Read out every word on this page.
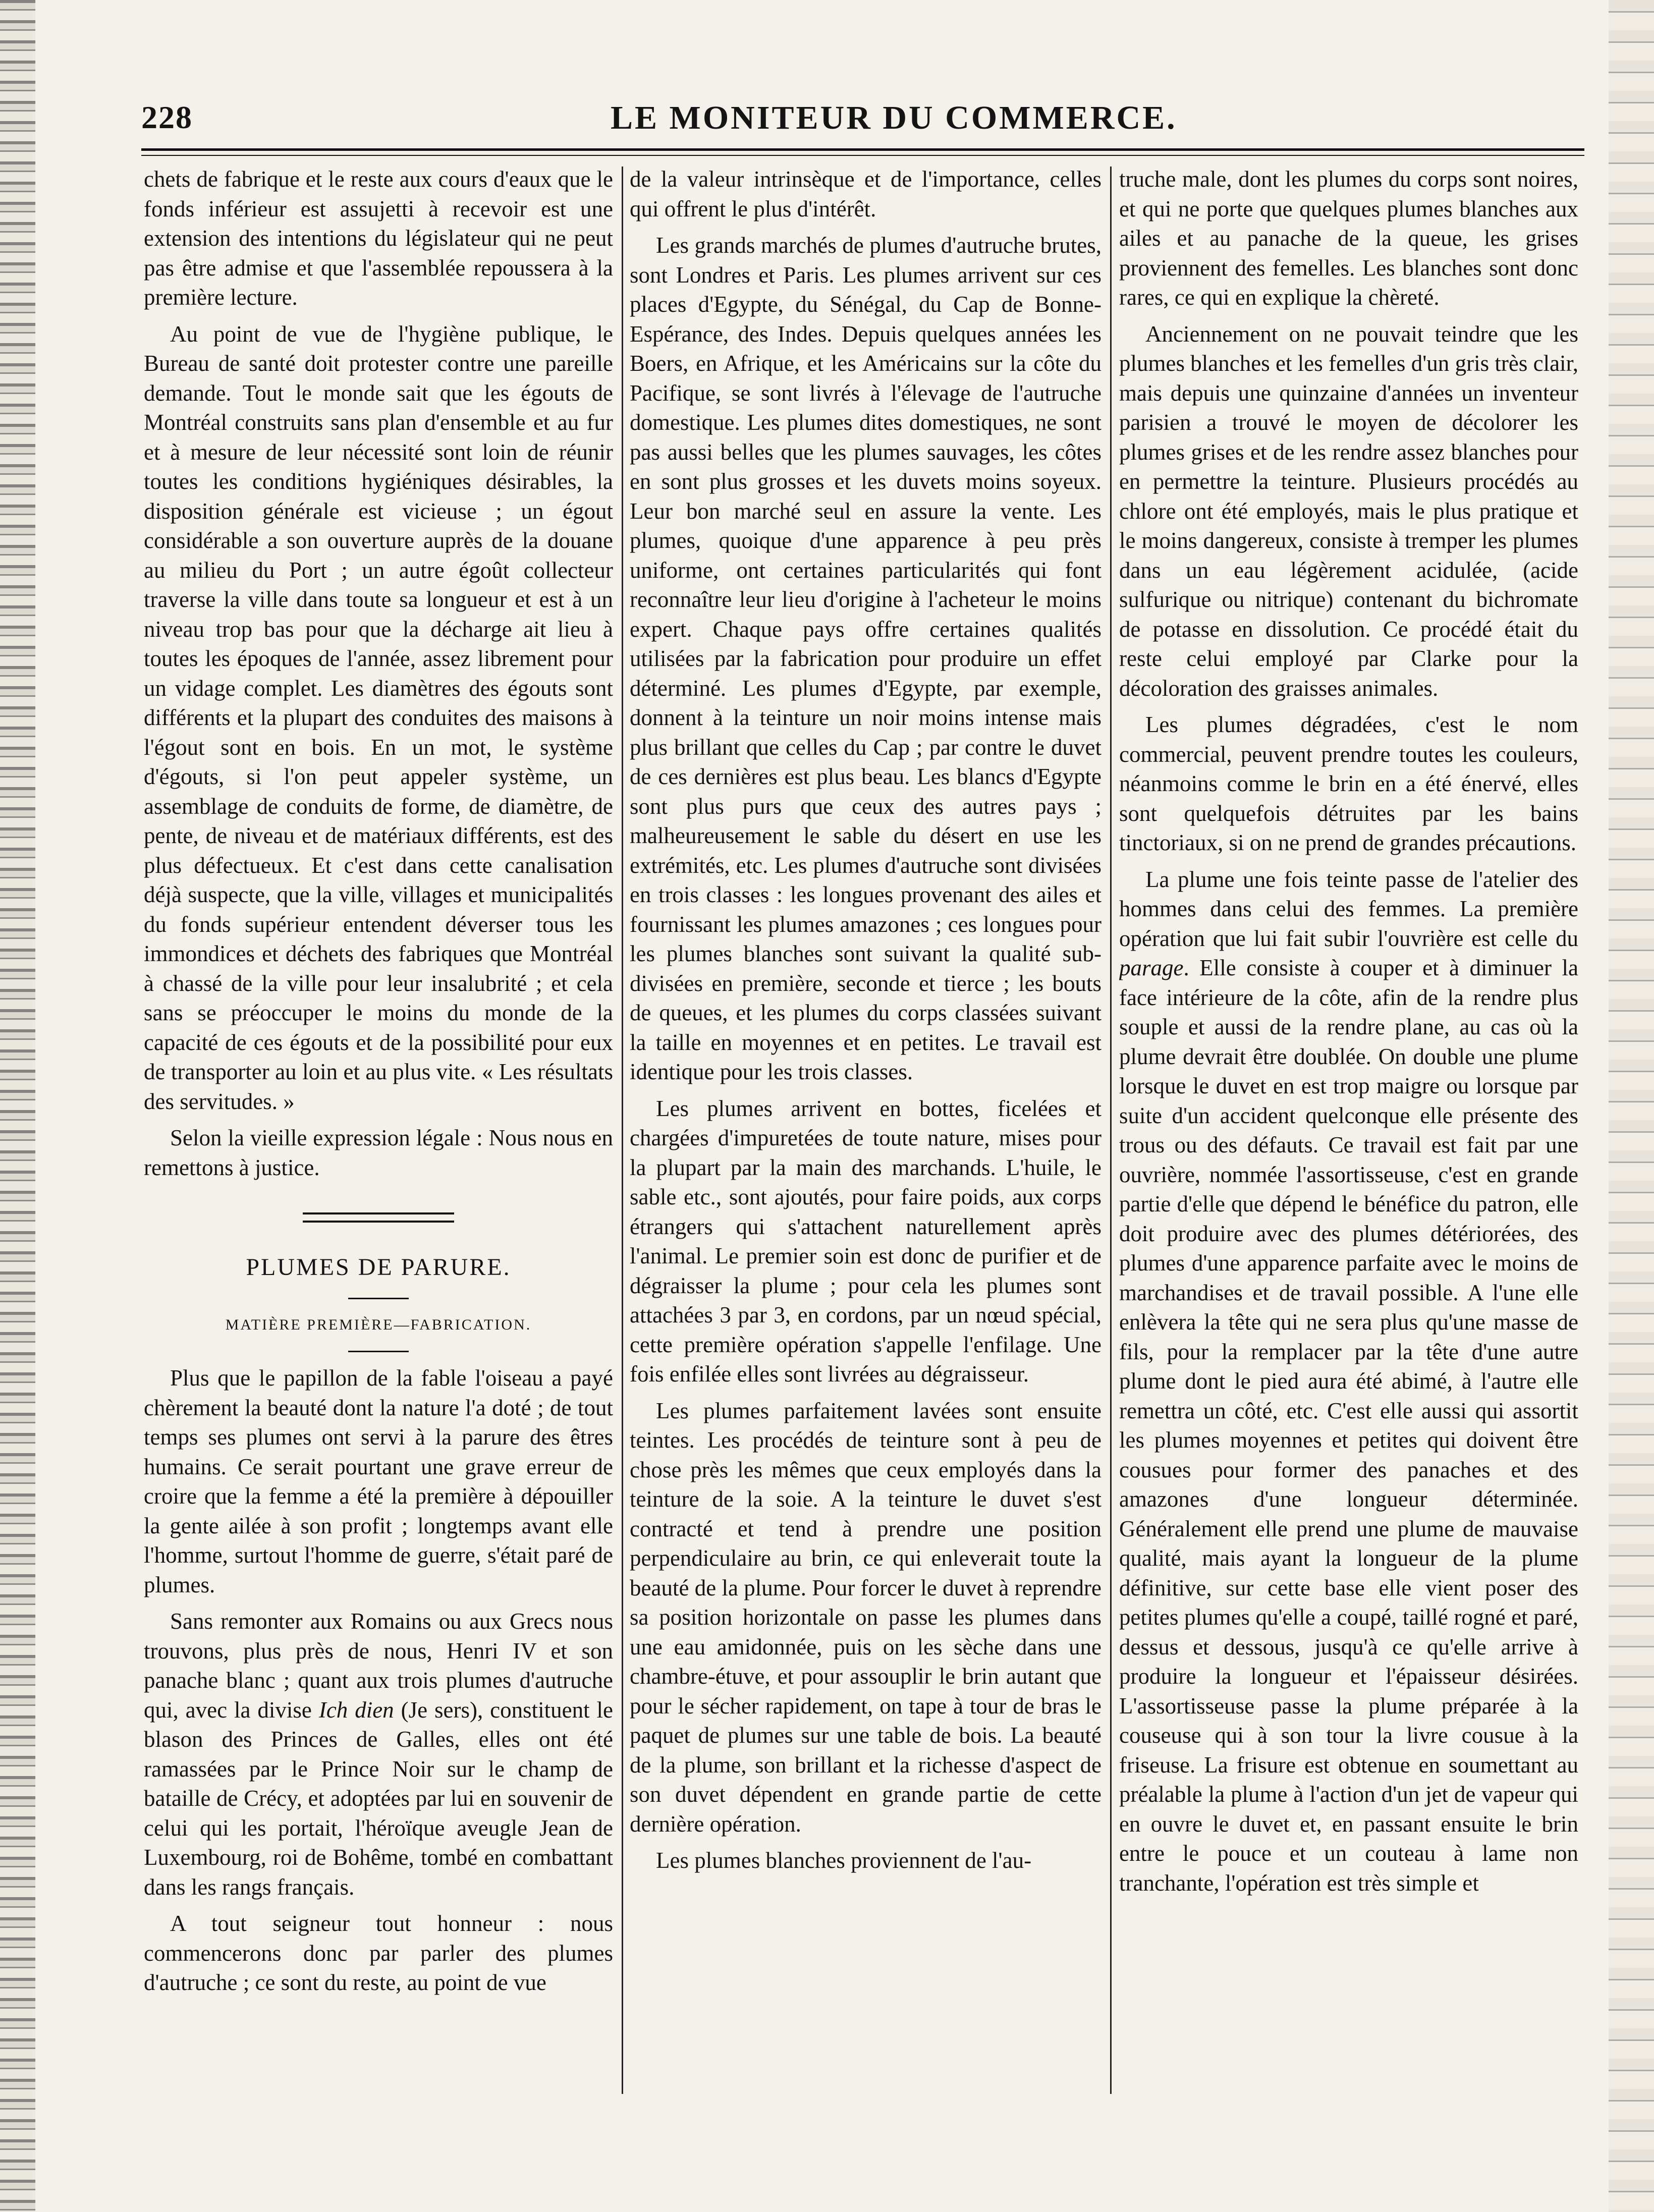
228	LE MONITEUR DU COMMERCE.

chets de fabrique et le reste aux cours d'eaux que le fonds inférieur est assujetti à recevoir est une extension des intentions du législateur qui ne peut pas être admise et que l'assemblée repoussera à la première lecture.

Au point de vue de l'hygiène publique, le Bureau de santé doit protester contre une pareille demande. Tout le monde sait que les égouts de Montréal construits sans plan d'ensemble et au fur et à mesure de leur nécessité sont loin de réunir toutes les conditions hygiéniques désirables, la disposition générale est vicieuse ; un égout considérable a son ouverture auprès de la douane au milieu du Port ; un autre égoût collecteur traverse la ville dans toute sa longueur et est à un niveau trop bas pour que la décharge ait lieu à toutes les époques de l'année, assez librement pour un vidage complet. Les diamètres des égouts sont différents et la plupart des conduites des maisons à l'égout sont en bois. En un mot, le système d'égouts, si l'on peut appeler système, un assemblage de conduits de forme, de diamètre, de pente, de niveau et de matériaux différents, est des plus défectueux. Et c'est dans cette canalisation déjà suspecte, que la ville, villages et municipalités du fonds supérieur entendent déverser tous les immondices et déchets des fabriques que Montréal à chassé de la ville pour leur insalubrité ; et cela sans se préoccuper le moins du monde de la capacité de ces égouts et de la possibilité pour eux de transporter au loin et au plus vite. « Les résultats des servitudes. »

Selon la vieille expression légale : Nous nous en remettons à justice.

PLUMES DE PARURE.
MATIÈRE PREMIÈRE—FABRICATION.

Plus que le papillon de la fable l'oiseau a payé chèrement la beauté dont la nature l'a doté ; de tout temps ses plumes ont servi à la parure des êtres humains. Ce serait pourtant une grave erreur de croire que la femme a été la première à dépouiller la gente ailée à son profit ; longtemps avant elle l'homme, surtout l'homme de guerre, s'était paré de plumes.

Sans remonter aux Romains ou aux Grecs nous trouvons, plus près de nous, Henri IV et son panache blanc ; quant aux trois plumes d'autruche qui, avec la divise Ich dien (Je sers), constituent le blason des Princes de Galles, elles ont été ramassées par le Prince Noir sur le champ de bataille de Crécy, et adoptées par lui en souvenir de celui qui les portait, l'héroïque aveugle Jean de Luxembourg, roi de Bohême, tombé en combattant dans les rangs français.

A tout seigneur tout honneur : nous commencerons donc par parler des plumes d'autruche ; ce sont du reste, au point de vue

de la valeur intrinsèque et de l'importance, celles qui offrent le plus d'intérêt.

Les grands marchés de plumes d'autruche brutes, sont Londres et Paris. Les plumes arrivent sur ces places d'Egypte, du Sénégal, du Cap de Bonne-Espérance, des Indes. Depuis quelques années les Boers, en Afrique, et les Américains sur la côte du Pacifique, se sont livrés à l'élevage de l'autruche domestique. Les plumes dites domestiques, ne sont pas aussi belles que les plumes sauvages, les côtes en sont plus grosses et les duvets moins soyeux. Leur bon marché seul en assure la vente. Les plumes, quoique d'une apparence à peu près uniforme, ont certaines particularités qui font reconnaître leur lieu d'origine à l'acheteur le moins expert. Chaque pays offre certaines qualités utilisées par la fabrication pour produire un effet déterminé. Les plumes d'Egypte, par exemple, donnent à la teinture un noir moins intense mais plus brillant que celles du Cap ; par contre le duvet de ces dernières est plus beau. Les blancs d'Egypte sont plus purs que ceux des autres pays ; malheureusement le sable du désert en use les extrémités, etc. Les plumes d'autruche sont divisées en trois classes : les longues provenant des ailes et fournissant les plumes amazones ; ces longues pour les plumes blanches sont suivant la qualité sub-divisées en première, seconde et tierce ; les bouts de queues, et les plumes du corps classées suivant la taille en moyennes et en petites. Le travail est identique pour les trois classes.

Les plumes arrivent en bottes, ficelées et chargées d'impuretées de toute nature, mises pour la plupart par la main des marchands. L'huile, le sable etc., sont ajoutés, pour faire poids, aux corps étrangers qui s'attachent naturellement après l'animal. Le premier soin est donc de purifier et de dégraisser la plume ; pour cela les plumes sont attachées 3 par 3, en cordons, par un nœud spécial, cette première opération s'appelle l'enfilage. Une fois enfilée elles sont livrées au dégraisseur.

Les plumes parfaitement lavées sont ensuite teintes. Les procédés de teinture sont à peu de chose près les mêmes que ceux employés dans la teinture de la soie. A la teinture le duvet s'est contracté et tend à prendre une position perpendiculaire au brin, ce qui enleverait toute la beauté de la plume. Pour forcer le duvet à reprendre sa position horizontale on passe les plumes dans une eau amidonnée, puis on les sèche dans une chambre-étuve, et pour assouplir le brin autant que pour le sécher rapidement, on tape à tour de bras le paquet de plumes sur une table de bois. La beauté de la plume, son brillant et la richesse d'aspect de son duvet dépendent en grande partie de cette dernière opération.

Les plumes blanches proviennent de l'au-

truche male, dont les plumes du corps sont noires, et qui ne porte que quelques plumes blanches aux ailes et au panache de la queue, les grises proviennent des femelles. Les blanches sont donc rares, ce qui en explique la chèreté.

Anciennement on ne pouvait teindre que les plumes blanches et les femelles d'un gris très clair, mais depuis une quinzaine d'années un inventeur parisien a trouvé le moyen de décolorer les plumes grises et de les rendre assez blanches pour en permettre la teinture. Plusieurs procédés au chlore ont été employés, mais le plus pratique et le moins dangereux, consiste à tremper les plumes dans un eau légèrement acidulée, (acide sulfurique ou nitrique) contenant du bichromate de potasse en dissolution. Ce procédé était du reste celui employé par Clarke pour la décoloration des graisses animales.

Les plumes dégradées, c'est le nom commercial, peuvent prendre toutes les couleurs, néanmoins comme le brin en a été énervé, elles sont quelquefois détruites par les bains tinctoriaux, si on ne prend de grandes précautions.

La plume une fois teinte passe de l'atelier des hommes dans celui des femmes. La première opération que lui fait subir l'ouvrière est celle du parage. Elle consiste à couper et à diminuer la face intérieure de la côte, afin de la rendre plus souple et aussi de la rendre plane, au cas où la plume devrait être doublée. On double une plume lorsque le duvet en est trop maigre ou lorsque par suite d'un accident quelconque elle présente des trous ou des défauts. Ce travail est fait par une ouvrière, nommée l'assortisseuse, c'est en grande partie d'elle que dépend le bénéfice du patron, elle doit produire avec des plumes détériorées, des plumes d'une apparence parfaite avec le moins de marchandises et de travail possible. A l'une elle enlèvera la tête qui ne sera plus qu'une masse de fils, pour la remplacer par la tête d'une autre plume dont le pied aura été abimé, à l'autre elle remettra un côté, etc. C'est elle aussi qui assortit les plumes moyennes et petites qui doivent être cousues pour former des panaches et des amazones d'une longueur déterminée. Généralement elle prend une plume de mauvaise qualité, mais ayant la longueur de la plume définitive, sur cette base elle vient poser des petites plumes qu'elle a coupé, taillé rogné et paré, dessus et dessous, jusqu'à ce qu'elle arrive à produire la longueur et l'épaisseur désirées. L'assortisseuse passe la plume préparée à la couseuse qui à son tour la livre cousue à la friseuse. La frisure est obtenue en soumettant au préalable la plume à l'action d'un jet de vapeur qui en ouvre le duvet et, en passant ensuite le brin entre le pouce et un couteau à lame non tranchante, l'opération est très simple et
